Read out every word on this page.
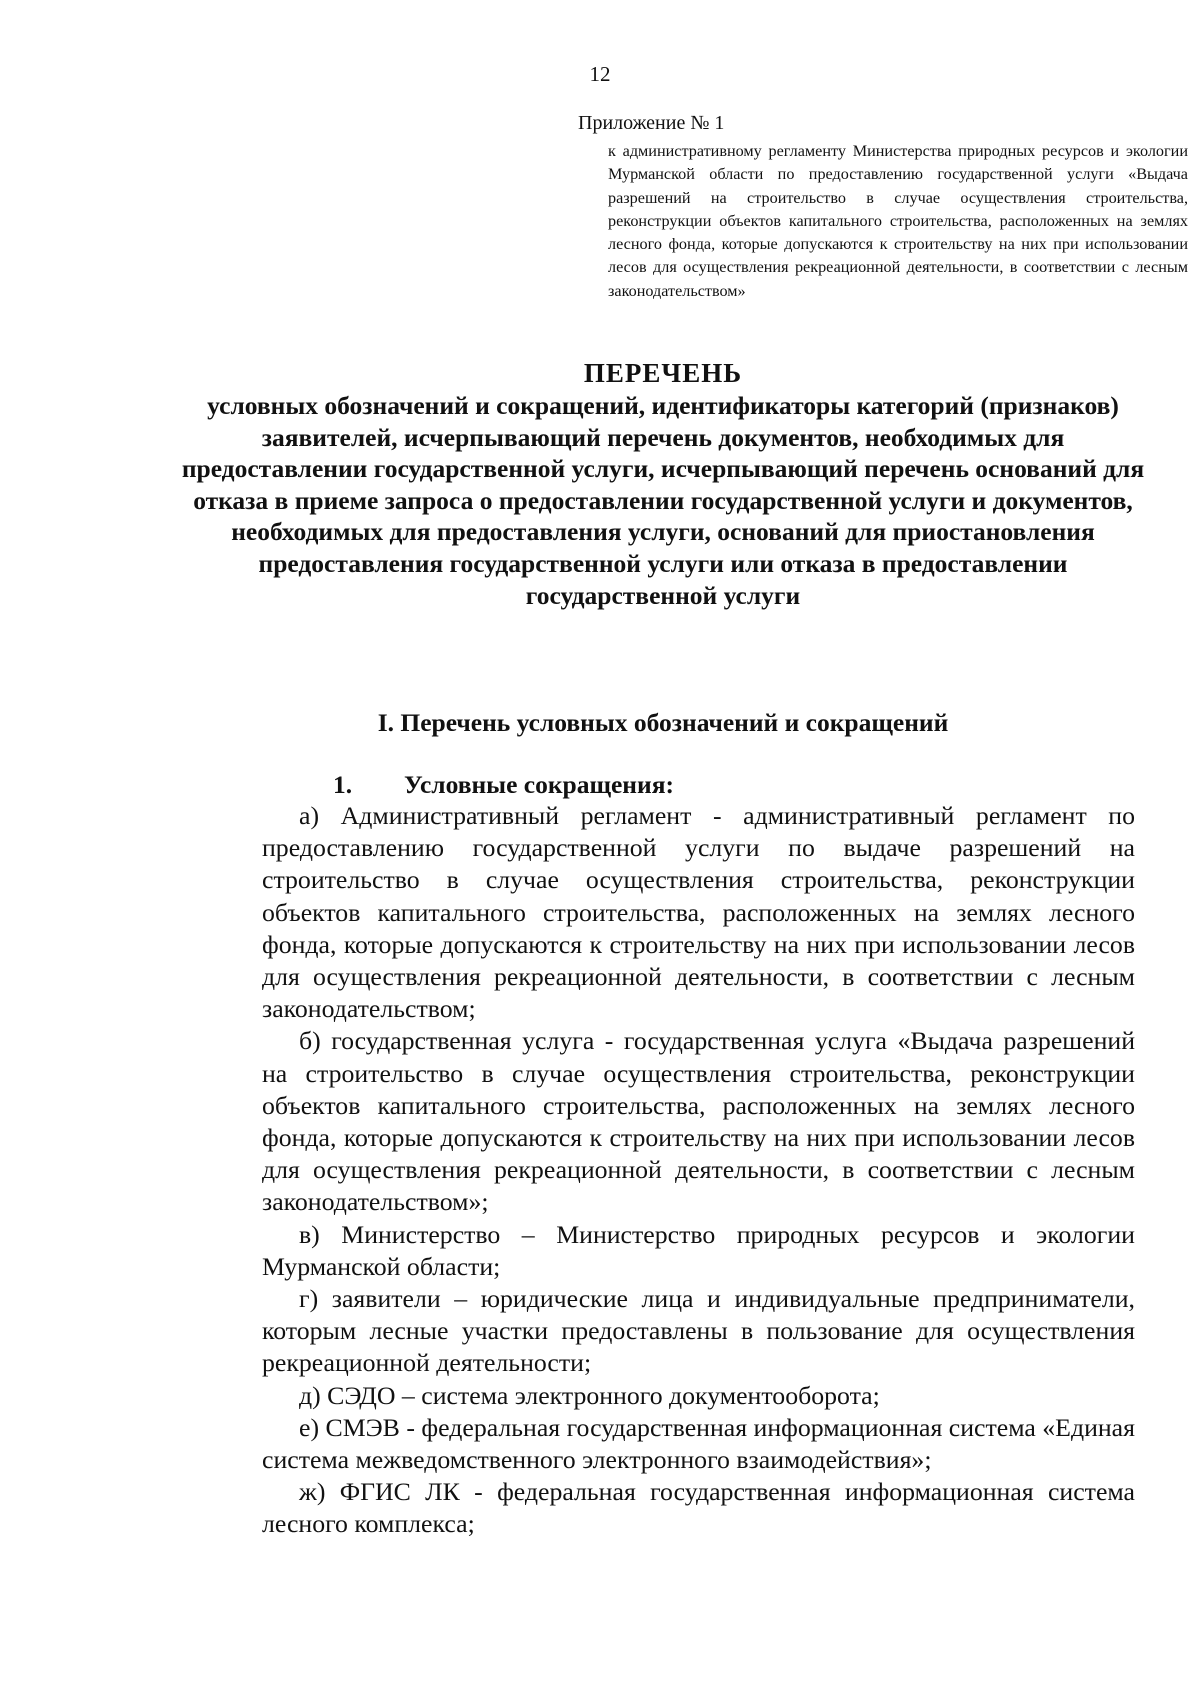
12
Приложение № 1
к административному регламенту Министерства природных ресурсов и экологии Мурманской области по предоставлению государственной услуги «Выдача разрешений на строительство в случае осуществления строительства, реконструкции объектов капитального строительства, расположенных на землях лесного фонда, которые допускаются к строительству на них при использовании лесов для осуществления рекреационной деятельности, в соответствии с лесным законодательством»
ПЕРЕЧЕНЬ
условных обозначений и сокращений, идентификаторы категорий (признаков) заявителей, исчерпывающий перечень документов, необходимых для предоставлении государственной услуги, исчерпывающий перечень оснований для отказа в приеме запроса о предоставлении государственной услуги и документов, необходимых для предоставления услуги, оснований для приостановления предоставления государственной услуги или отказа в предоставлении государственной услуги
I. Перечень условных обозначений и сокращений
1. Условные сокращения:

а) Административный регламент - административный регламент по предоставлению государственной услуги по выдаче разрешений на строительство в случае осуществления строительства, реконструкции объектов капитального строительства, расположенных на землях лесного фонда, которые допускаются к строительству на них при использовании лесов для осуществления рекреационной деятельности, в соответствии с лесным законодательством;

б) государственная услуга - государственная услуга «Выдача разрешений на строительство в случае осуществления строительства, реконструкции объектов капитального строительства, расположенных на землях лесного фонда, которые допускаются к строительству на них при использовании лесов для осуществления рекреационной деятельности, в соответствии с лесным законодательством»;

в) Министерство – Министерство природных ресурсов и экологии Мурманской области;

г) заявители – юридические лица и индивидуальные предприниматели, которым лесные участки предоставлены в пользование для осуществления рекреационной деятельности;

д) СЭДО – система электронного документооборота;

е) СМЭВ - федеральная государственная информационная система «Единая система межведомственного электронного взаимодействия»;

ж) ФГИС ЛК - федеральная государственная информационная система лесного комплекса;
